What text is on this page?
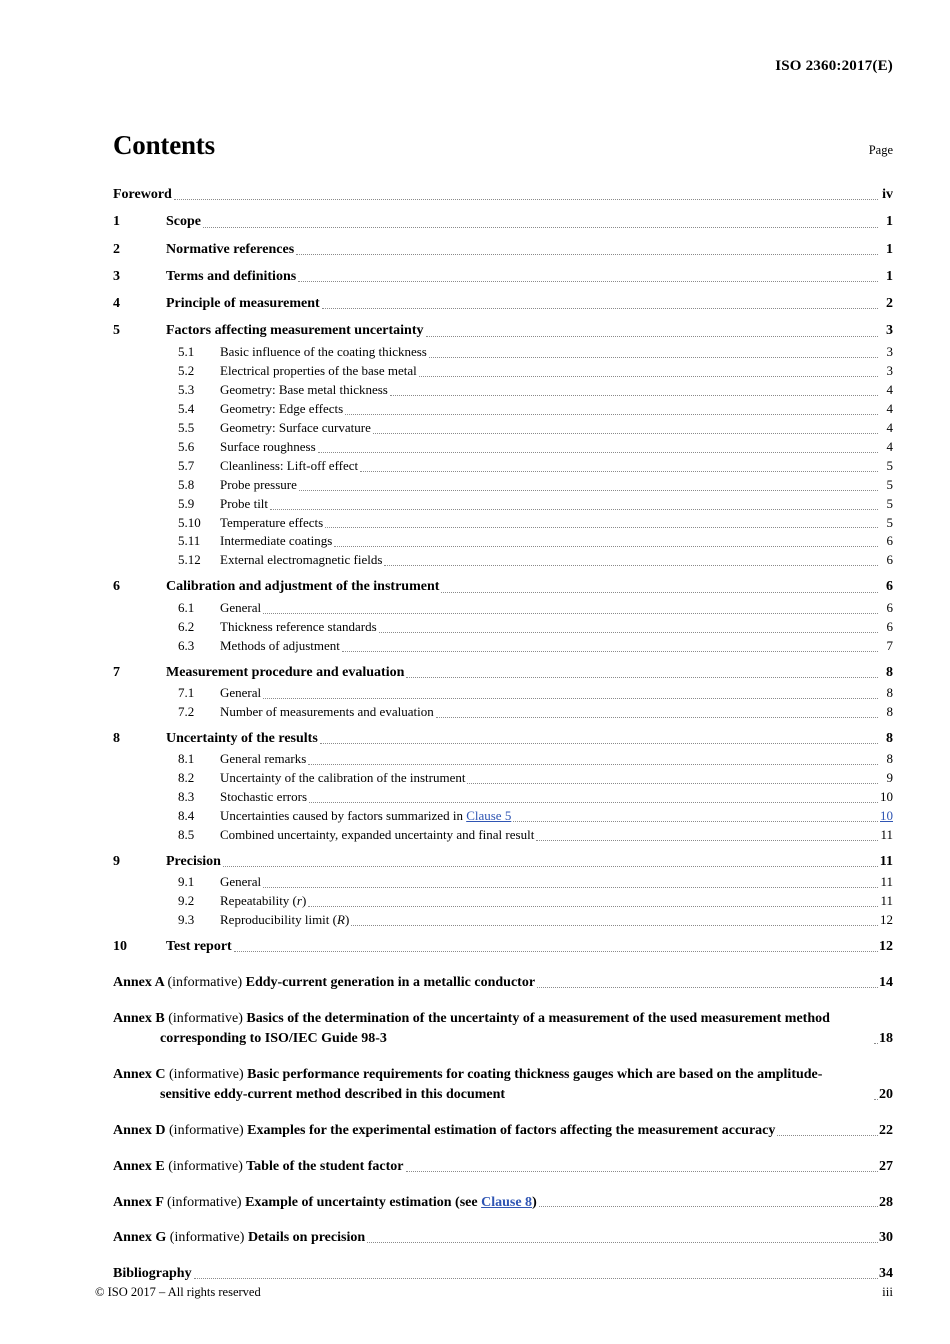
ISO 2360:2017(E)
Contents	Page
Foreword	iv
1	Scope	1
2	Normative references	1
3	Terms and definitions	1
4	Principle of measurement	2
5	Factors affecting measurement uncertainty	3
5.1	Basic influence of the coating thickness	3
5.2	Electrical properties of the base metal	3
5.3	Geometry: Base metal thickness	4
5.4	Geometry: Edge effects	4
5.5	Geometry: Surface curvature	4
5.6	Surface roughness	4
5.7	Cleanliness: Lift-off effect	5
5.8	Probe pressure	5
5.9	Probe tilt	5
5.10	Temperature effects	5
5.11	Intermediate coatings	6
5.12	External electromagnetic fields	6
6	Calibration and adjustment of the instrument	6
6.1	General	6
6.2	Thickness reference standards	6
6.3	Methods of adjustment	7
7	Measurement procedure and evaluation	8
7.1	General	8
7.2	Number of measurements and evaluation	8
8	Uncertainty of the results	8
8.1	General remarks	8
8.2	Uncertainty of the calibration of the instrument	9
8.3	Stochastic errors	10
8.4	Uncertainties caused by factors summarized in Clause 5	10
8.5	Combined uncertainty, expanded uncertainty and final result	11
9	Precision	11
9.1	General	11
9.2	Repeatability (r)	11
9.3	Reproducibility limit (R)	12
10	Test report	12
Annex A (informative) Eddy-current generation in a metallic conductor	14
Annex B (informative) Basics of the determination of the uncertainty of a measurement of the used measurement method corresponding to ISO/IEC Guide 98-3	18
Annex C (informative) Basic performance requirements for coating thickness gauges which are based on the amplitude-sensitive eddy-current method described in this document	20
Annex D (informative) Examples for the experimental estimation of factors affecting the measurement accuracy	22
Annex E (informative) Table of the student factor	27
Annex F (informative) Example of uncertainty estimation (see Clause 8)	28
Annex G (informative) Details on precision	30
Bibliography	34
© ISO 2017 – All rights reserved	iii
